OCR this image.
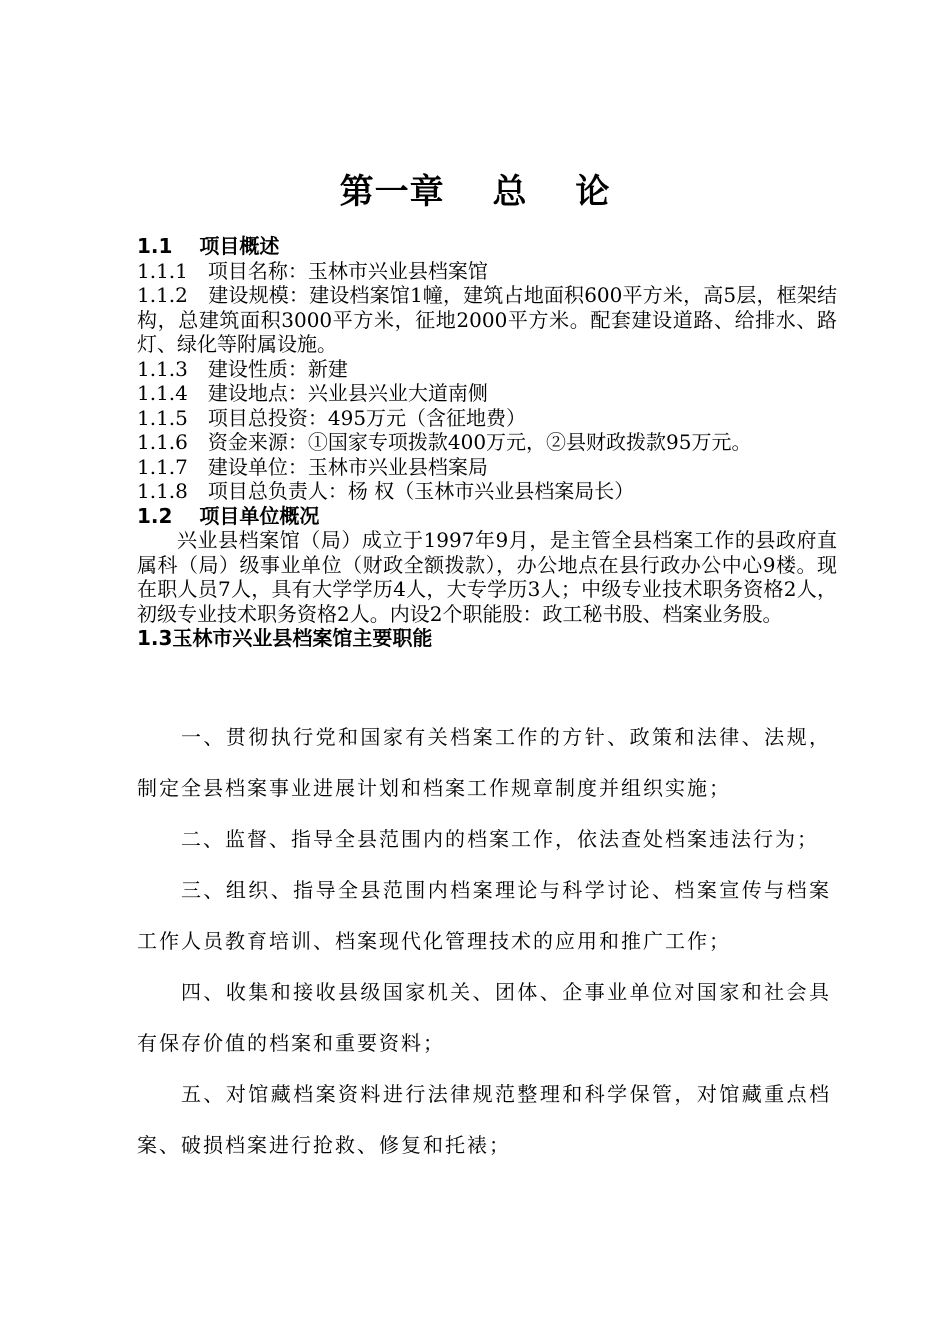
第一章　 总　 论

1.1　 项目概述

1.1.1　项目名称：玉林市兴业县档案馆

1.1.2　建设规模：建设档案馆1幢，建筑占地面积600平方米，高5层，框架结构，总建筑面积3000平方米，征地2000平方米。配套建设道路、给排水、路灯、绿化等附属设施。

1.1.3　建设性质：新建

1.1.4　建设地点：兴业县兴业大道南侧

1.1.5　项目总投资：495万元（含征地费）

1.1.6　资金来源：①国家专项拨款400万元，②县财政拨款95万元。

1.1.7　建设单位：玉林市兴业县档案局

1.1.8　项目总负责人：杨 权（玉林市兴业县档案局长）

1.2　 项目单位概况

兴业县档案馆（局）成立于1997年9月，是主管全县档案工作的县政府直属科（局）级事业单位（财政全额拨款），办公地点在县行政办公中心9楼。现在职人员7人，具有大学学历4人，大专学历3人；中级专业技术职务资格2人，初级专业技术职务资格2人。内设2个职能股：政工秘书股、档案业务股。

1.3玉林市兴业县档案馆主要职能

一、贯彻执行党和国家有关档案工作的方针、政策和法律、法规，制定全县档案事业进展计划和档案工作规章制度并组织实施；

二、监督、指导全县范围内的档案工作，依法查处档案违法行为；

三、组织、指导全县范围内档案理论与科学讨论、档案宣传与档案工作人员教育培训、档案现代化管理技术的应用和推广工作；

四、收集和接收县级国家机关、团体、企事业单位对国家和社会具有保存价值的档案和重要资料；

五、对馆藏档案资料进行法律规范整理和科学保管，对馆藏重点档案、破损档案进行抢救、修复和托裱；
